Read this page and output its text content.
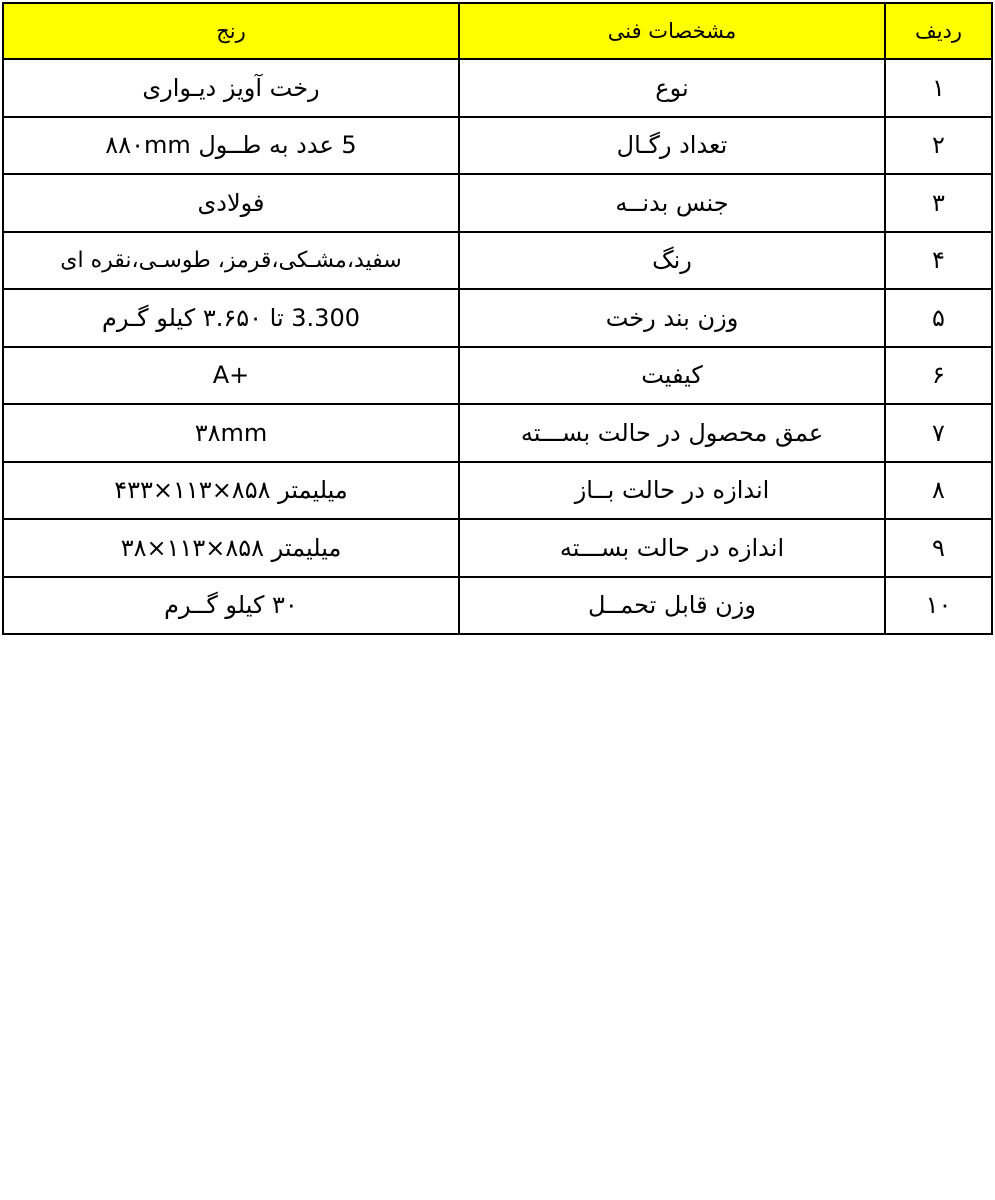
ردیف	مشخصات فنی	رنج
۱	نوع	رخت آویز دیـواری
۲	تعداد رگـال	5 عدد به طــول ۸۸۰mm
۳	جنس بدنــه	فولادی
۴	رنگ	سفید،مشـکی،قرمز، طوسـی،نقره ای
۵	وزن بند رخت	3.300 تا ۳.۶۵۰ کیلو گـرم
۶	کیفیت	A+
۷	عمق محصول در حالت بســـته	۳۸mm
۸	اندازه در حالت بــاز	میلیمتر ۸۵۸×۱۱۳×۴۳۳
۹	اندازه در حالت بســـته	میلیمتر ۸۵۸×۱۱۳×۳۸
۱۰	وزن قابل تحمــل	۳۰ کیلو گــرم
